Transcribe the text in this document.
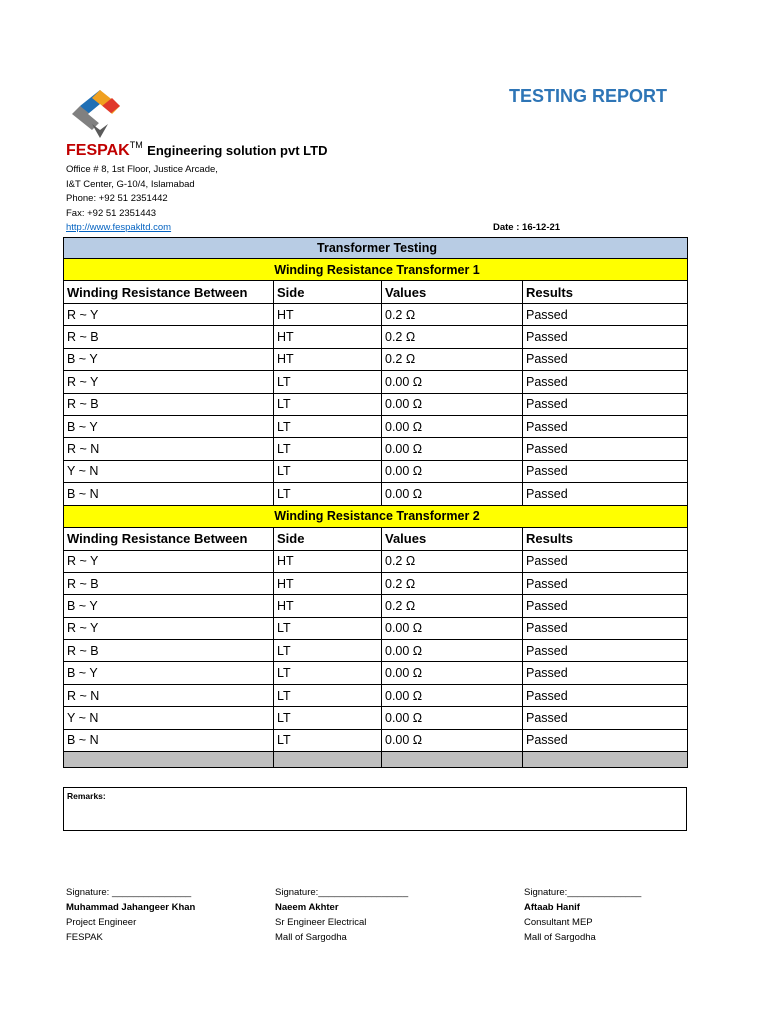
TESTING REPORT
FESPAK™ Engineering solution pvt LTD
Office # 8, 1st Floor, Justice Arcade,
I&T Center, G-10/4, Islamabad
Phone: +92 51 2351442
Fax: +92 51 2351443
http://www.fespakltd.com	Date : 16-12-21
Transformer Testing			
Winding Resistance Transformer 1			
Winding Resistance Between	Side	Values	Results
R ~ Y	HT	0.2 Ω	Passed
R ~ B	HT	0.2 Ω	Passed
B ~ Y	HT	0.2 Ω	Passed
R ~ Y	LT	0.00 Ω	Passed
R ~ B	LT	0.00 Ω	Passed
B ~ Y	LT	0.00 Ω	Passed
R ~ N	LT	0.00 Ω	Passed
Y ~ N	LT	0.00 Ω	Passed
B ~ N	LT	0.00 Ω	Passed
Winding Resistance Transformer 2			
Winding Resistance Between	Side	Values	Results
R ~ Y	HT	0.2 Ω	Passed
R ~ B	HT	0.2 Ω	Passed
B ~ Y	HT	0.2 Ω	Passed
R ~ Y	LT	0.00 Ω	Passed
R ~ B	LT	0.00 Ω	Passed
B ~ Y	LT	0.00 Ω	Passed
R ~ N	LT	0.00 Ω	Passed
Y ~ N	LT	0.00 Ω	Passed
B ~ N	LT	0.00 Ω	Passed

Remarks:
Signature: _______________
Muhammad Jahangeer Khan
Project Engineer
FESPAK
Signature:_________________
Naeem Akhter
Sr Engineer Electrical
Mall of Sargodha
Signature:______________
Aftaab Hanif
Consultant MEP
Mall of Sargodha
